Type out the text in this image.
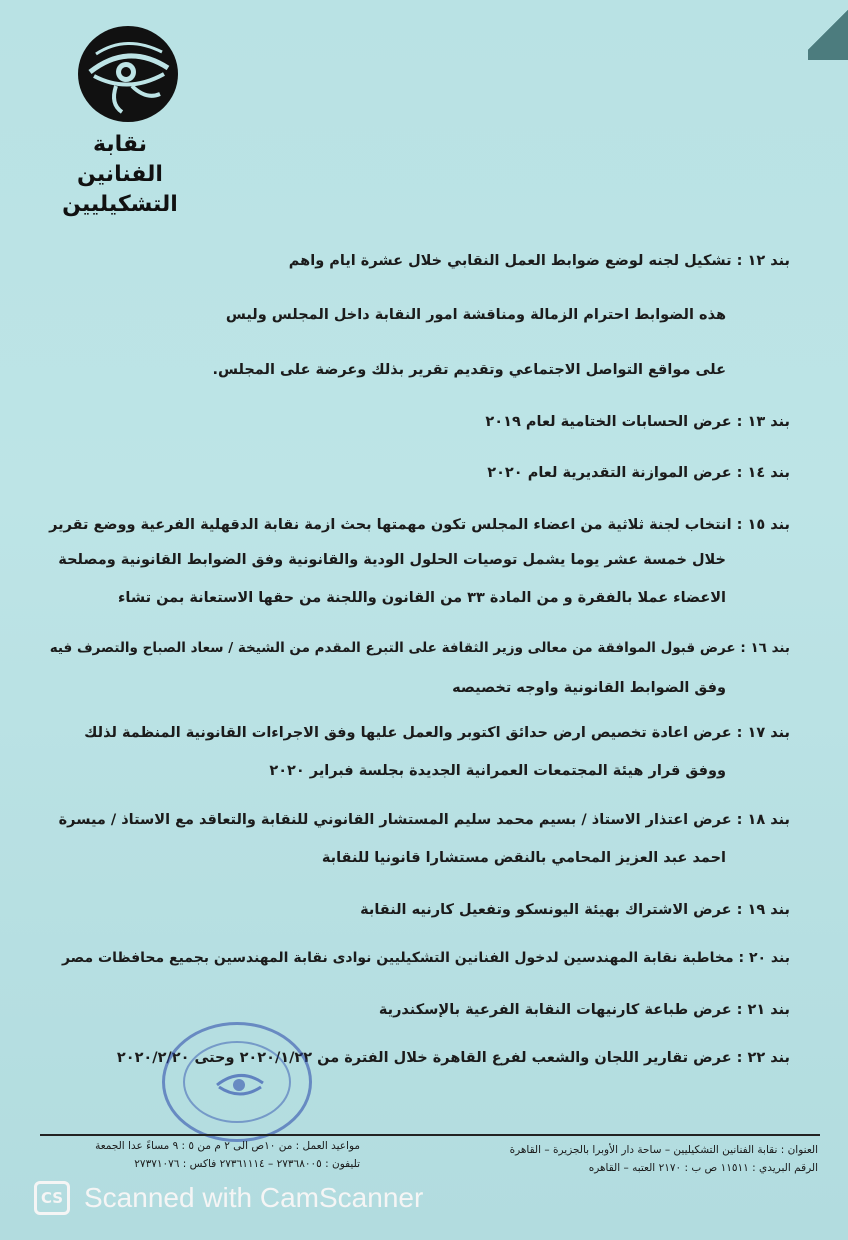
نقابة
الفنانين
التشكيليين
بند ١٢ : تشكيل لجنه لوضع ضوابط العمل النقابي خلال عشرة ايام واهم
هذه الضوابط احترام الزمالة ومناقشة امور النقابة داخل المجلس وليس
على مواقع التواصل الاجتماعي وتقديم تقرير بذلك وعرضة على المجلس.
بند ١٣ : عرض الحسابات الختامية لعام ٢٠١٩
بند ١٤ : عرض الموازنة التقديرية لعام ٢٠٢٠
بند ١٥ : انتخاب لجنة ثلاثية من اعضاء المجلس تكون مهمتها بحث ازمة نقابة الدقهلية الفرعية ووضع تقرير
خلال خمسة عشر يوما يشمل توصيات الحلول الودية والقانونية وفق الضوابط القانونية ومصلحة
الاعضاء عملا بالفقرة و من المادة ٣٣ من القانون واللجنة من حقها الاستعانة بمن تشاء
بند ١٦ : عرض قبول الموافقة من معالى وزير الثقافة على التبرع المقدم من الشيخة / سعاد الصباح والتصرف فيه
وفق الضوابط القانونية واوجه تخصيصه
بند ١٧ : عرض اعادة تخصيص ارض حدائق اكتوبر والعمل عليها وفق الاجراءات القانونية المنظمة لذلك
ووفق قرار هيئة المجتمعات العمرانية الجديدة بجلسة فبراير ٢٠٢٠
بند ١٨ : عرض اعتذار الاستاذ / بسيم محمد سليم المستشار القانوني للنقابة والتعاقد مع الاستاذ / ميسرة
احمد عبد العزيز المحامي بالنقض مستشارا قانونيا للنقابة
بند ١٩ : عرض الاشتراك بهيئة اليونسكو وتفعيل كارنيه النقابة
بند ٢٠ : مخاطبة نقابة المهندسين لدخول الفنانين التشكيليين نوادى نقابة المهندسين بجميع محافظات مصر
بند ٢١ : عرض طباعة كارنيهات النقابة الفرعية بالإسكندرية
بند ٢٢ : عرض تقارير اللجان والشعب لفرع القاهرة خلال الفترة من ٢٠٢٠/١/٢٢ وحتى ٢٠٢٠/٢/٢٠
العنوان : نقابة الفنانين التشكيليين – ساحة دار الأوبرا بالجزيرة – القاهرة
الرقم البريدي : ١١٥١١ ص ب : ٢١٧٠ العتبه – القاهره
مواعيد العمل : من ١٠ص الى ٢ م من ٥ : ٩ مساءً عدا الجمعة
تليفون : ٢٧٣٦٨٠٠٥ – ٢٧٣٦١١١٤ فاكس : ٢٧٣٧١٠٧٦
CS Scanned with CamScanner
